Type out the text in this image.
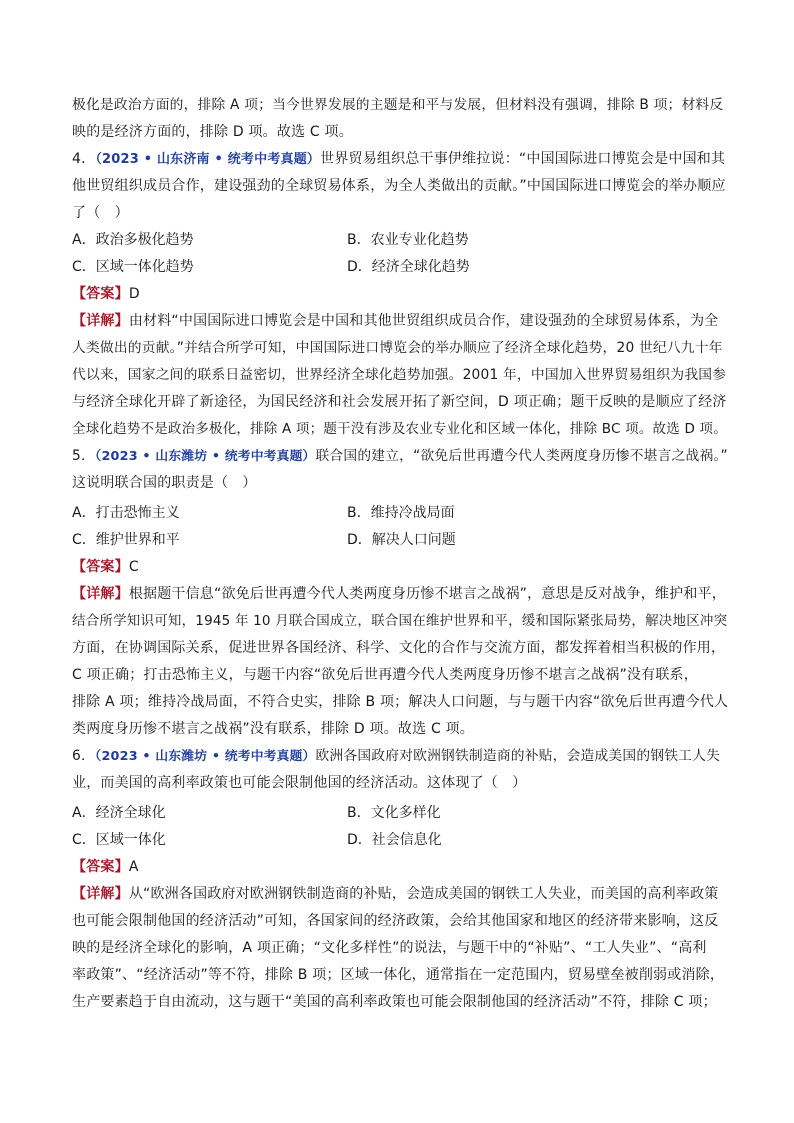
极化是政治方面的，排除 A 项；当今世界发展的主题是和平与发展，但材料没有强调，排除 B 项；材料反
映的是经济方面的，排除 D 项。故选 C 项。
4．（2023 • 山东济南 • 统考中考真题）世界贸易组织总干事伊维拉说：“中国国际进口博览会是中国和其
他世贸组织成员合作，建设强劲的全球贸易体系，为全人类做出的贡献。”中国国际进口博览会的举办顺应
了（　）
A．政治多极化趋势	B．农业专业化趋势
C．区域一体化趋势	D．经济全球化趋势
【答案】D
【详解】由材料“中国国际进口博览会是中国和其他世贸组织成员合作，建设强劲的全球贸易体系，为全
人类做出的贡献。”并结合所学可知，中国国际进口博览会的举办顺应了经济全球化趋势，20 世纪八九十年
代以来，国家之间的联系日益密切，世界经济全球化趋势加强。2001 年，中国加入世界贸易组织为我国参
与经济全球化开辟了新途径，为国民经济和社会发展开拓了新空间，D 项正确；题干反映的是顺应了经济
全球化趋势不是政治多极化，排除 A 项；题干没有涉及农业专业化和区域一体化，排除 BC 项。故选 D 项。
5．（2023 • 山东潍坊 • 统考中考真题）联合国的建立，“欲免后世再遭今代人类两度身历惨不堪言之战祸。”
这说明联合国的职责是（　）
A．打击恐怖主义	B．维持冷战局面
C．维护世界和平	D．解决人口问题
【答案】C
【详解】根据题干信息“欲免后世再遭今代人类两度身历惨不堪言之战祸”，意思是反对战争，维护和平，
结合所学知识可知，1945 年 10 月联合国成立，联合国在维护世界和平，缓和国际紧张局势，解决地区冲突
方面，在协调国际关系，促进世界各国经济、科学、文化的合作与交流方面，都发挥着相当积极的作用，
C 项正确；打击恐怖主义，与题干内容“欲免后世再遭今代人类两度身历惨不堪言之战祸”没有联系，
排除 A 项；维持冷战局面，不符合史实，排除 B 项；解决人口问题，与与题干内容“欲免后世再遭今代人
类两度身历惨不堪言之战祸”没有联系，排除 D 项。故选 C 项。
6．（2023 • 山东潍坊 • 统考中考真题）欧洲各国政府对欧洲钢铁制造商的补贴，会造成美国的钢铁工人失
业，而美国的高利率政策也可能会限制他国的经济活动。这体现了（　）
A．经济全球化	B．文化多样化
C．区域一体化	D．社会信息化
【答案】A
【详解】从“欧洲各国政府对欧洲钢铁制造商的补贴，会造成美国的钢铁工人失业，而美国的高利率政策
也可能会限制他国的经济活动”可知，各国家间的经济政策，会给其他国家和地区的经济带来影响，这反
映的是经济全球化的影响，A 项正确；“文化多样性”的说法，与题干中的“补贴”、“工人失业”、“高利
率政策”、“经济活动”等不符，排除 B 项；区域一体化，通常指在一定范围内，贸易壁垒被削弱或消除，
生产要素趋于自由流动，这与题干“美国的高利率政策也可能会限制他国的经济活动”不符，排除 C 项；
